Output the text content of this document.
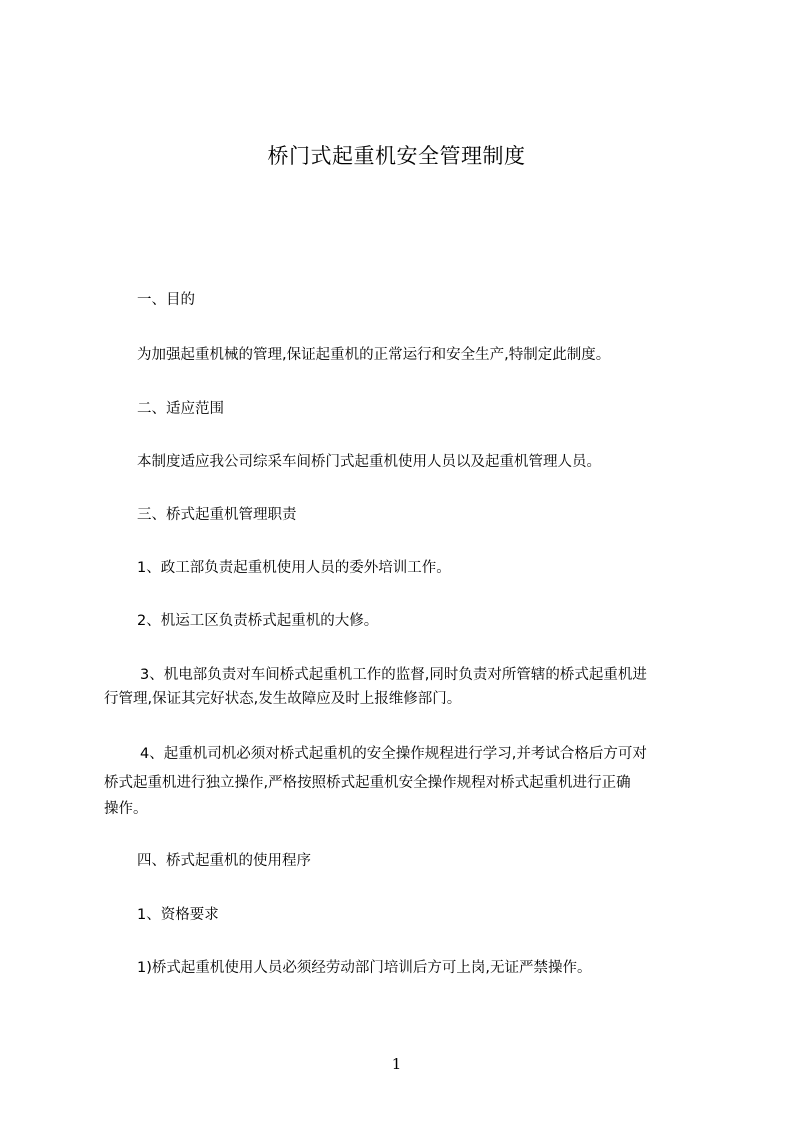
桥门式起重机安全管理制度
一、目的
为加强起重机械的管理,保证起重机的正常运行和安全生产,特制定此制度。
二、适应范围
本制度适应我公司综采车间桥门式起重机使用人员以及起重机管理人员。
三、桥式起重机管理职责
1、政工部负责起重机使用人员的委外培训工作。
2、机运工区负责桥式起重机的大修。
3、机电部负责对车间桥式起重机工作的监督,同时负责对所管辖的桥式起重机进
行管理,保证其完好状态,发生故障应及时上报维修部门。
4、起重机司机必须对桥式起重机的安全操作规程进行学习,并考试合格后方可对
桥式起重机进行独立操作,严格按照桥式起重机安全操作规程对桥式起重机进行正确
操作。
四、桥式起重机的使用程序
1、资格要求
1)桥式起重机使用人员必须经劳动部门培训后方可上岗,无证严禁操作。
1
